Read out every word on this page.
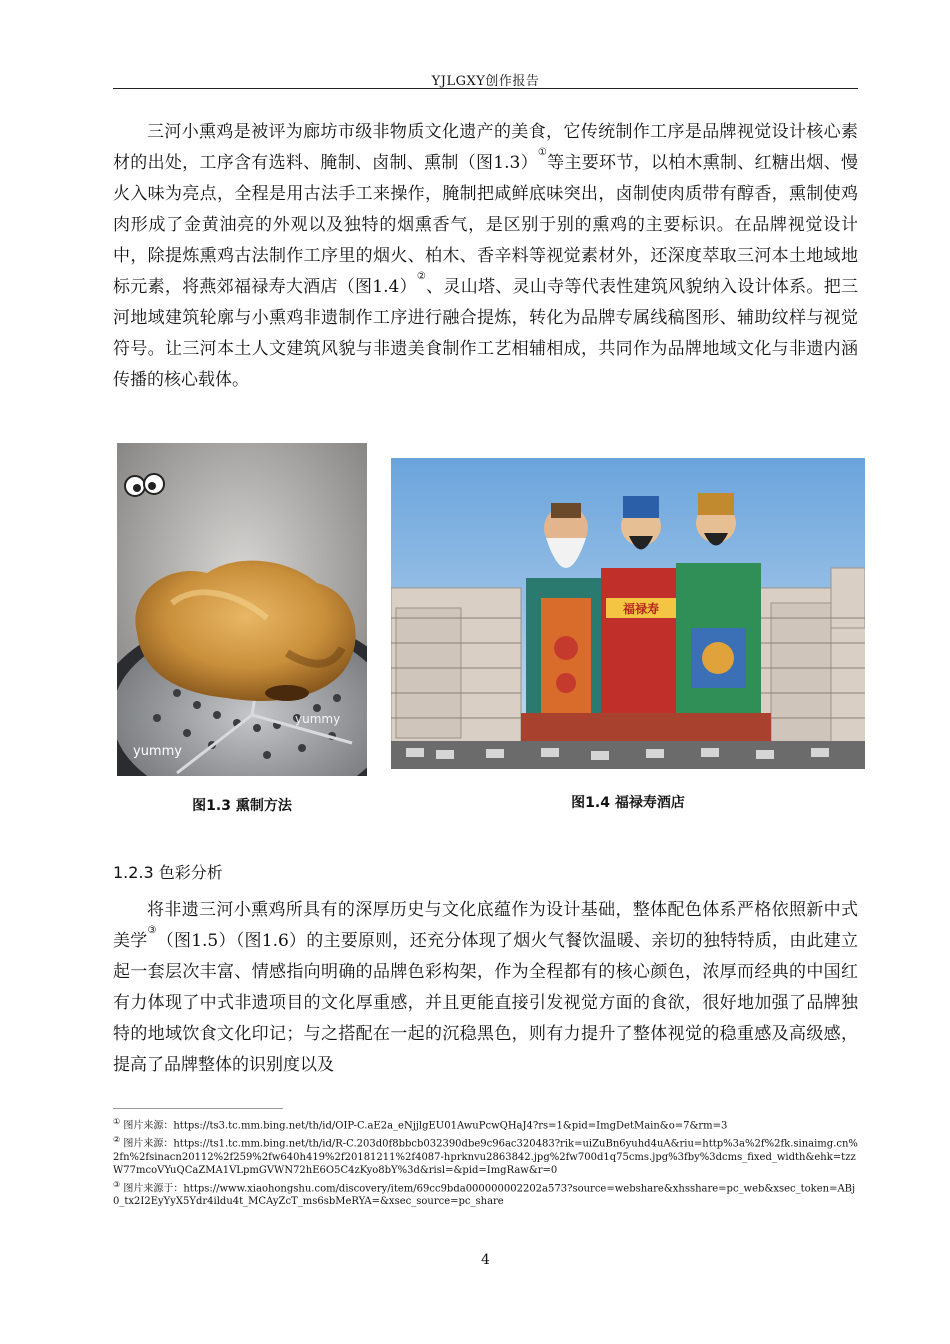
YJLGXY创作报告

三河小熏鸡是被评为廊坊市级非物质文化遗产的美食，它传统制作工序是品牌视觉设计核心素材的出处，工序含有选料、腌制、卤制、熏制（图1.3）①等主要环节，以柏木熏制、红糖出烟、慢火入味为亮点，全程是用古法手工来操作，腌制把咸鲜底味突出，卤制使肉质带有醇香，熏制使鸡肉形成了金黄油亮的外观以及独特的烟熏香气，是区别于别的熏鸡的主要标识。在品牌视觉设计中，除提炼熏鸡古法制作工序里的烟火、柏木、香辛料等视觉素材外，还深度萃取三河本土地域地标元素，将燕郊福禄寿大酒店（图1.4）②、灵山塔、灵山寺等代表性建筑风貌纳入设计体系。把三河地域建筑轮廓与小熏鸡非遗制作工序进行融合提炼，转化为品牌专属线稿图形、辅助纹样与视觉符号。让三河本土人文建筑风貌与非遗美食制作工艺相辅相成，共同作为品牌地域文化与非遗内涵传播的核心载体。

yummy
yummy
福禄寿
图1.3 熏制方法	图1.4 福禄寿酒店
1.2.3 色彩分析

将非遗三河小熏鸡所具有的深厚历史与文化底蕴作为设计基础，整体配色体系严格依照新中式美学③（图1.5）（图1.6）的主要原则，还充分体现了烟火气餐饮温暖、亲切的独特特质，由此建立起一套层次丰富、情感指向明确的品牌色彩构架，作为全程都有的核心颜色，浓厚而经典的中国红有力体现了中式非遗项目的文化厚重感，并且更能直接引发视觉方面的食欲，很好地加强了品牌独特的地域饮食文化印记；与之搭配在一起的沉稳黑色，则有力提升了整体视觉的稳重感及高级感，提高了品牌整体的识别度以及

① 图片来源：https://ts3.tc.mm.bing.net/th/id/OIP-C.aE2a_eNjjlgEU01AwuPcwQHaJ4?rs=1&pid=ImgDetMain&o=7&rm=3

② 图片来源：https://ts1.tc.mm.bing.net/th/id/R-C.203d0f8bbcb032390dbe9c96ac320483?rik=uiZuBn6yuhd4uA&riu=http%3a%2f%2fk.sinaimg.cn%2fn%2fsinacn20112%2f259%2fw640h419%2f20181211%2f4087-hprknvu2863842.jpg%2fw700d1q75cms.jpg%3fby%3dcms_fixed_width&ehk=tzzW77mcoVYuQCaZMA1VLpmGVWN72hE6O5C4zKyo8bY%3d&risl=&pid=ImgRaw&r=0

③ 图片来源于：https://www.xiaohongshu.com/discovery/item/69cc9bda000000002202a573?source=webshare&xhsshare=pc_web&xsec_token=ABj0_tx2I2EyYyX5Ydr4ildu4t_MCAyZcT_ms6sbMeRYA=&xsec_source=pc_share

4
